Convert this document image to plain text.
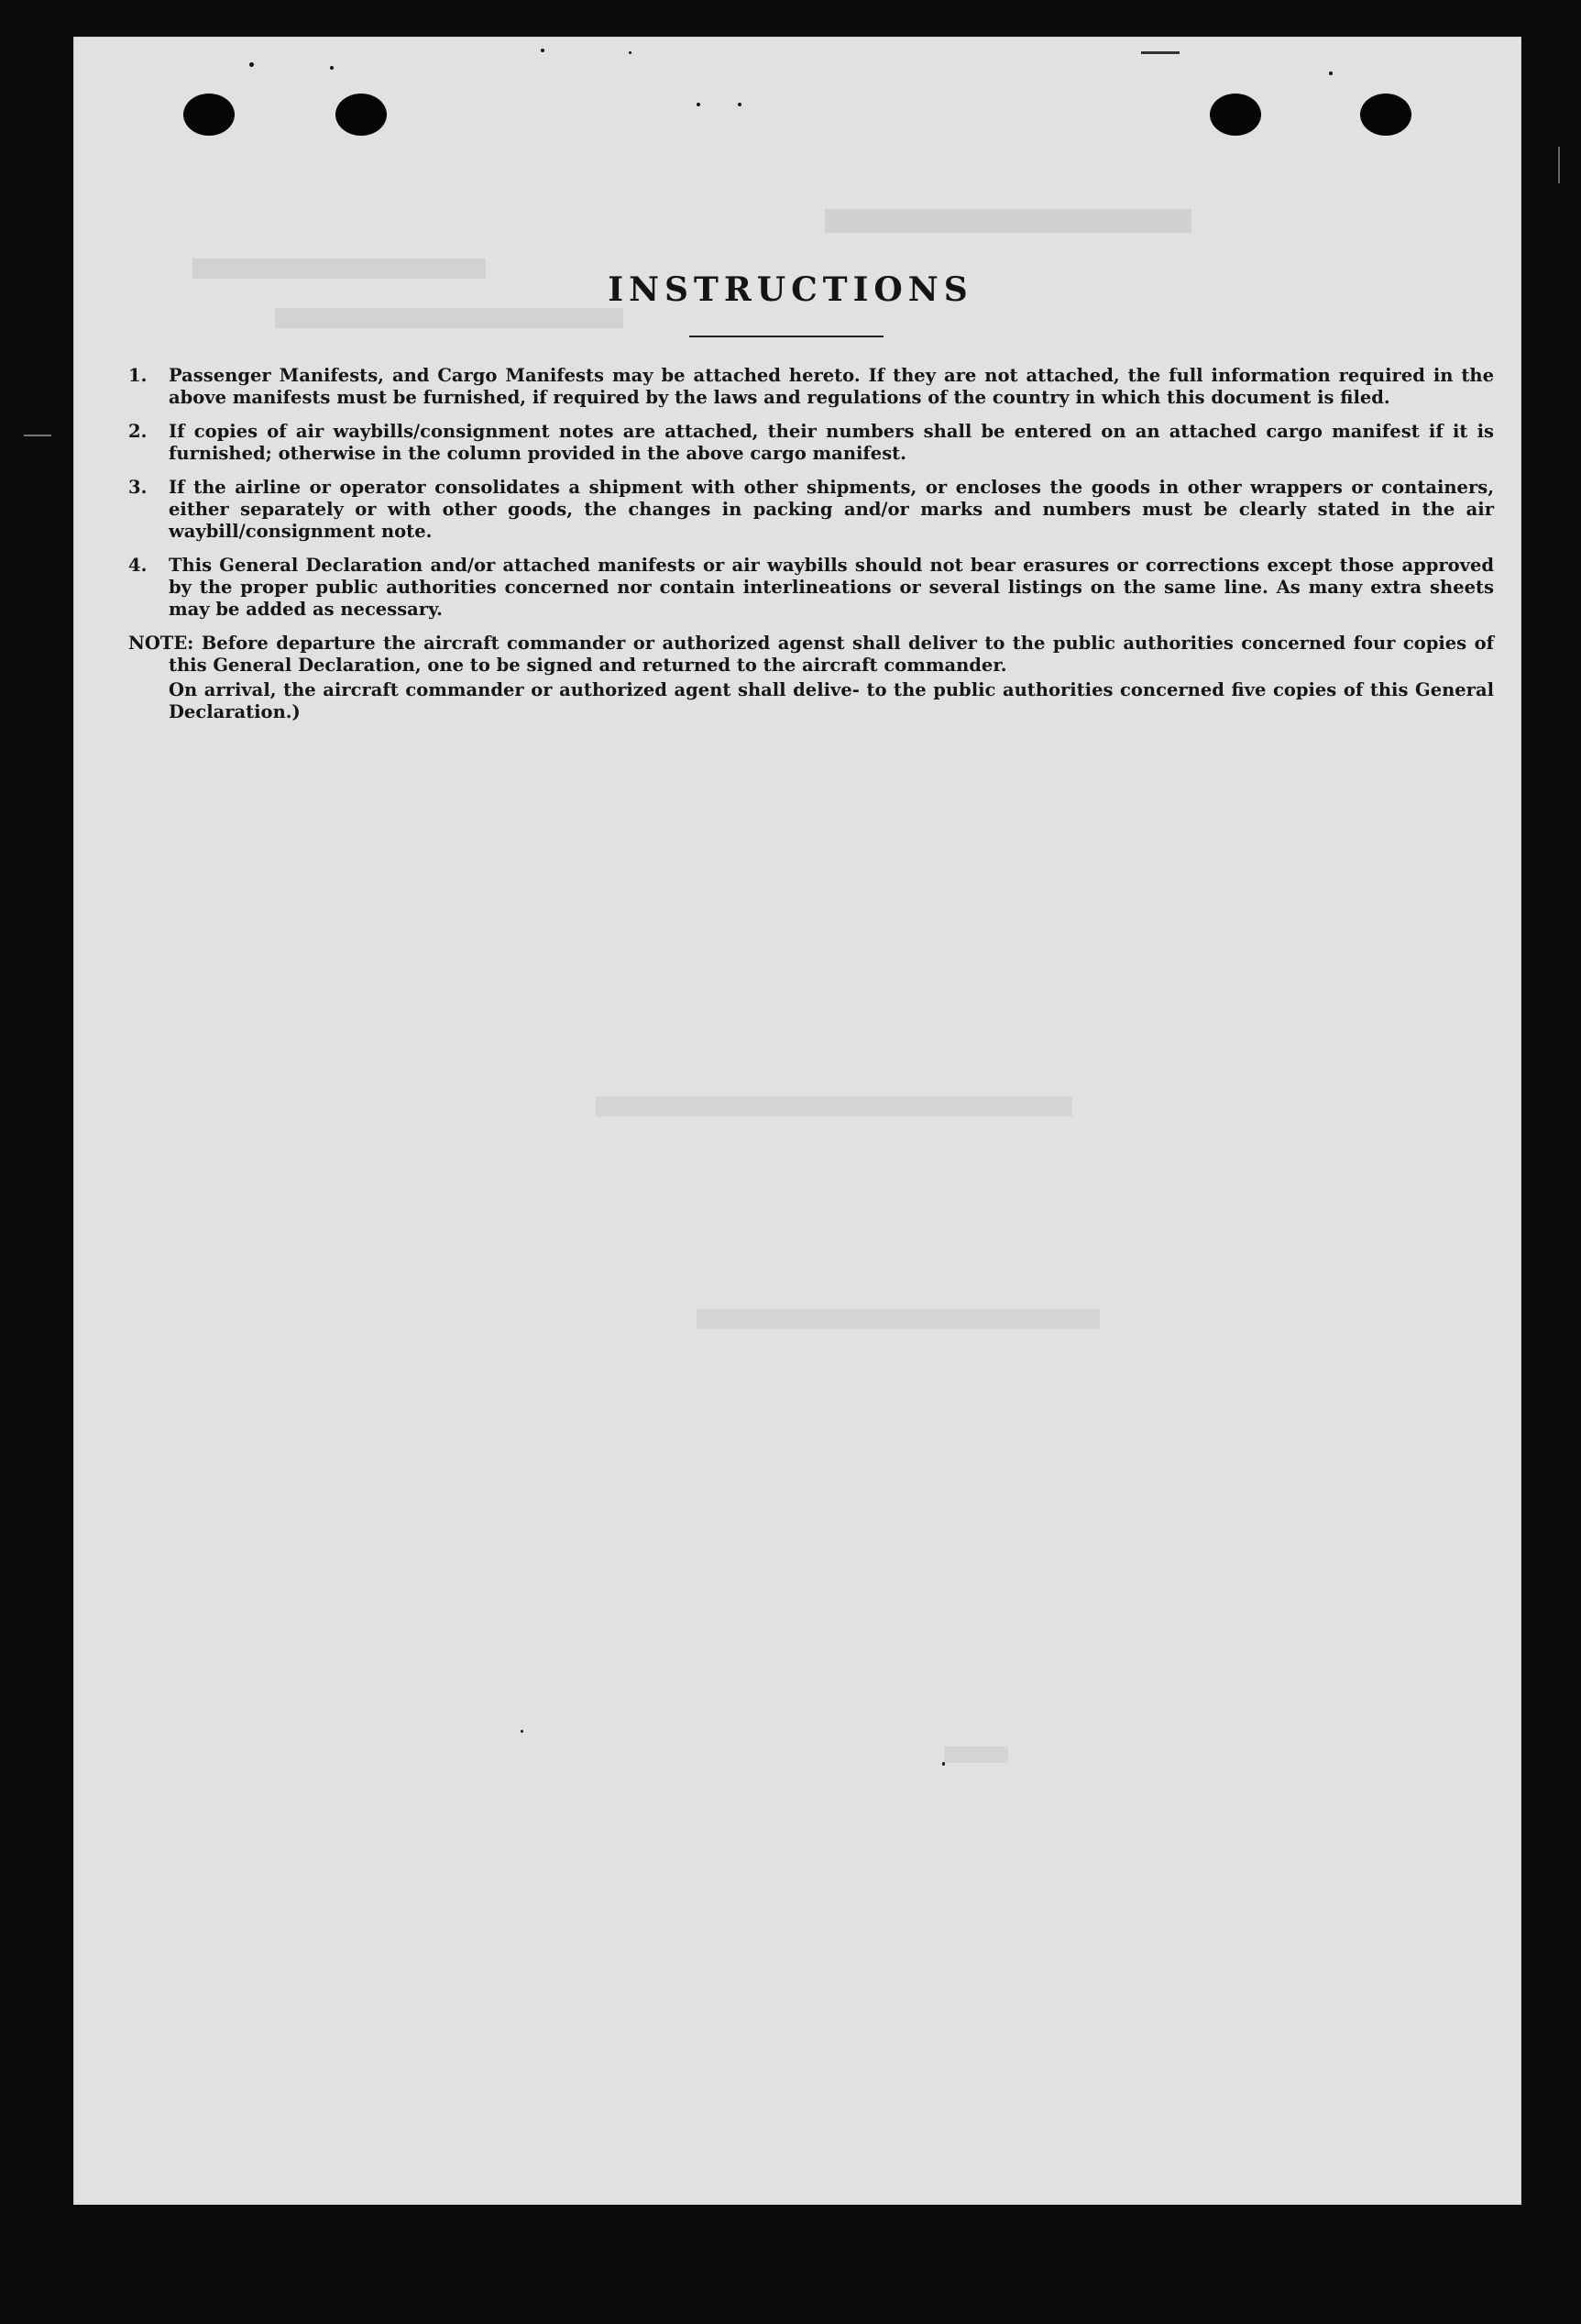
INSTRUCTIONS
1. Passenger Manifests, and Cargo Manifests may be attached hereto. If they are not attached, the full information required in the above manifests must be furnished, if required by the laws and regulations of the country in which this document is filed.
2. If copies of air waybills/consignment notes are attached, their numbers shall be entered on an attached cargo manifest if it is furnished; otherwise in the column provided in the above cargo manifest.
3. If the airline or operator consolidates a shipment with other shipments, or encloses the goods in other wrappers or containers, either separately or with other goods, the changes in packing and/or marks and numbers must be clearly stated in the air waybill/consignment note.
4. This General Declaration and/or attached manifests or air waybills should not bear erasures or corrections except those approved by the proper public authorities concerned nor contain interlineations or several listings on the same line. As many extra sheets may be added as necessary.

NOTE: Before departure the aircraft commander or authorized agenst shall deliver to the public authorities concerned four copies of this General Declaration, one to be signed and returned to the aircraft commander.

On arrival, the aircraft commander or authorized agent shall delive- to the public authorities concerned five copies of this General Declaration.)
